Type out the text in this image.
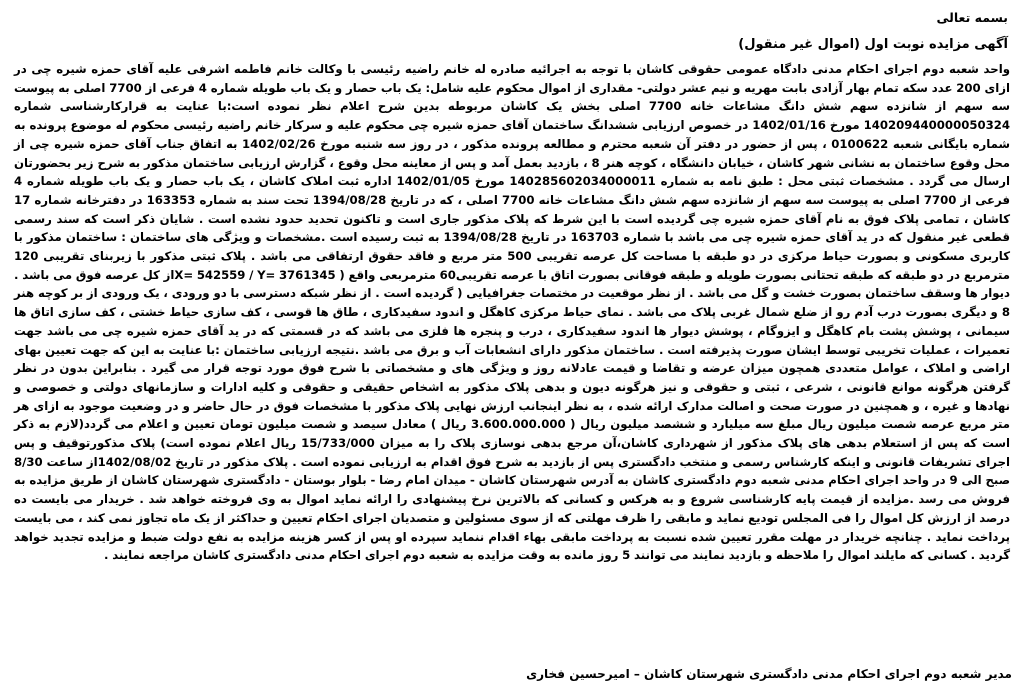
بسمه تعالی
آگهی مزایده نوبت اول (اموال غیر منقول)

واحد شعبه دوم اجرای احکام مدنی دادگاه عمومی حقوقی کاشان با توجه به اجرائیه صادره له خانم راضیه رئیسی با وکالت خانم فاطمه اشرفی علیه آقای حمزه شیره چی در ازای 200 عدد سکه تمام بهار آزادی بابت مهریه و نیم عشر دولتی- مقداری از اموال محکوم علیه شامل: یک باب حصار و یک باب طویله شماره 4 فرعی از 7700 اصلی به پیوست سه سهم از شانزده سهم شش دانگ مشاعات خانه 7700 اصلی بخش یک کاشان مربوطه بدین شرح اعلام نظر نموده است:با عنایت به قرارکارشناسی شماره 140209440000050324 مورخ 1402/01/16 در خصوص ارزیابی ششدانگ ساختمان آقای حمزه شیره چی محکوم علیه و سرکار خانم راضیه رئیسی محکوم له موضوع پرونده به شماره بایگانی شعبه 0100622 ، پس از حضور در دفتر آن شعبه محترم و مطالعه پرونده مذکور ، در روز سه شنبه مورخ 1402/02/26 به اتفاق جناب آقای حمزه شیره چی از محل وقوع ساختمان به نشانی شهر کاشان ، خیابان دانشگاه ، کوچه هنر 8 ، بازدید بعمل آمد و پس از معاینه محل وقوع ، گزارش ارزیابی ساختمان مذکور به شرح زیر بحضورتان ارسال می گردد . مشخصات ثبتی محل : طبق نامه به شماره 140285602034000011 مورخ 1402/01/05 اداره ثبت املاک کاشان ، یک باب حصار و یک باب طویله شماره 4 فرعی از 7700 اصلی به پیوست سه سهم از شانزده سهم شش دانگ مشاعات خانه 7700 اصلی ، که در تاریخ 1394/08/28 تحت سند به شماره 163353 در دفترخانه شماره 17 کاشان ، تمامی پلاک فوق به نام آقای حمزه شیره چی گردیده است با این شرط که پلاک مذکور جاری است و تاکنون تحدید حدود نشده است . شایان ذکر است که سند رسمی قطعی غیر منقول که در ید آقای حمزه شیره چی می باشد با شماره 163703 در تاریخ 1394/08/28 به ثبت رسیده است .مشخصات و ویژگی های ساختمان : ساختمان مذکور با کاربری مسکونی و بصورت حیاط مرکزی در دو طبقه با مساحت کل عرصه تقریبی 500 متر مربع و فاقد حقوق ارتفاقی می باشد . پلاک ثبتی مذکور با زیربنای تقریبی 120 مترمربع در دو طبقه که طبقه تحتانی بصورت طویله و طبقه فوقانی بصورت اتاق با عرصه تقریبی60 مترمربعی واقع ( X= 542559 / Y= 3761345از کل عرصه فوق می باشد . دیوار ها وسقف ساختمان بصورت خشت و گل می باشد . از نظر موقعیت در مختصات جغرافیایی ( گردیده است . از نظر شبکه دسترسی با دو ورودی ، یک ورودی از بر کوچه هنر 8 و دیگری بصورت درب آدم رو از ضلع شمال غربی پلاک می باشد . نمای حیاط مرکزی کاهگل و اندود سفیدکاری ، طاق ها قوسی ، کف سازی حیاط خشتی ، کف سازی اتاق ها سیمانی ، پوشش پشت بام کاهگل و ایزوگام ، پوشش دیوار ها اندود سفیدکاری ، درب و پنجره ها فلزی می باشد که در قسمتی که در ید آقای حمزه شیره چی می باشد جهت تعمیرات ، عملیات تخریبی توسط ایشان صورت پذیرفته است . ساختمان مذکور دارای انشعابات آب و برق می باشد .نتیجه ارزیابی ساختمان :با عنایت به این که جهت تعیین بهای اراضی و املاک ، عوامل متعددی همچون میزان عرضه و تقاضا و قیمت عادلانه روز و ویژگی های و مشخصاتی با شرح فوق مورد توجه قرار می گیرد . بنابراین بدون در نظر گرفتن هرگونه موانع قانونی ، شرعی ، ثبتی و حقوقی و نیز هرگونه دیون و بدهی پلاک مذکور به اشخاص حقیقی و حقوقی و کلیه ادارات و سازمانهای دولتی و خصوصی و نهادها و غیره ، و همچنین در صورت صحت و اصالت مدارک ارائه شده ، به نظر اینجانب ارزش نهایی پلاک مذکور با مشخصات فوق در حال حاضر و در وضعیت موجود به ازای هر متر مربع عرصه شصت میلیون ریال مبلغ سه میلیارد و ششصد میلیون ریال ( 3.600.000.000 ریال ) معادل سیصد و شصت میلیون تومان تعیین و اعلام می گردد(لازم به ذکر است که پس از استعلام بدهی های پلاک مذکور از شهرداری کاشان،آن مرجع بدهی نوسازی پلاک را به میزان 15/733/000 ریال اعلام نموده است) پلاک مذکورتوقیف و پس اجرای تشریفات قانونی و اینکه کارشناس رسمی و منتخب دادگستری پس از بازدید به شرح فوق اقدام به ارزیابی نموده است . پلاک مذکور در تاریخ 1402/08/02از ساعت 8/30 صبح الی 9 در واحد اجرای احکام مدنی شعبه دوم دادگستری کاشان به آدرس شهرستان کاشان - میدان امام رضا - بلوار بوستان - دادگستری شهرستان کاشان از طریق مزایده به فروش می رسد .مزایده از قیمت پایه کارشناسی شروع و به هرکس و کسانی که بالاترین نرخ پیشنهادی را ارائه نماید اموال به وی فروخته خواهد شد . خریدار می بایست ده درصد از ارزش کل اموال را فی المجلس تودیع نماید و مابقی را ظرف مهلتی که از سوی مسئولین و متصدیان اجرای احکام تعیین و حداکثر از یک ماه تجاوز نمی کند ، می بایست پرداخت نماید . چنانچه خریدار در مهلت مقرر تعیین شده نسبت به پرداخت مابقی بهاء اقدام ننماید سپرده او پس از کسر هزینه مزایده به نفع دولت ضبط و مزایده تجدید خواهد گردید . کسانی که مایلند اموال را ملاحظه و بازدید نمایند می توانند 5 روز مانده به وقت مزایده به شعبه دوم اجرای احکام مدنی دادگستری کاشان مراجعه نمایند .

مدیر شعبه دوم اجرای احکام مدنی دادگستری شهرستان کاشان – امیرحسین فخاری
